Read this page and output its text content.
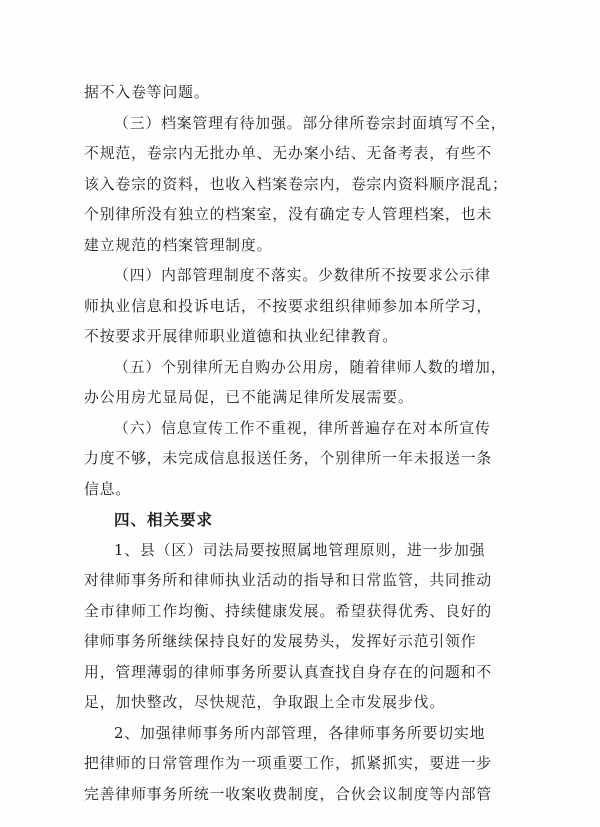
据不入卷等问题。
（三）档案管理有待加强。部分律所卷宗封面填写不全，
不规范，卷宗内无批办单、无办案小结、无备考表，有些不
该入卷宗的资料，也收入档案卷宗内，卷宗内资料顺序混乱；
个别律所没有独立的档案室，没有确定专人管理档案，也未
建立规范的档案管理制度。
（四）内部管理制度不落实。少数律所不按要求公示律
师执业信息和投诉电话，不按要求组织律师参加本所学习，
不按要求开展律师职业道德和执业纪律教育。
（五）个别律所无自购办公用房，随着律师人数的增加，
办公用房尤显局促，已不能满足律所发展需要。
（六）信息宣传工作不重视，律所普遍存在对本所宣传
力度不够，未完成信息报送任务，个别律所一年未报送一条
信息。
四、相关要求
1、县（区）司法局要按照属地管理原则，进一步加强
对律师事务所和律师执业活动的指导和日常监管，共同推动
全市律师工作均衡、持续健康发展。希望获得优秀、良好的
律师事务所继续保持良好的发展势头，发挥好示范引领作
用，管理薄弱的律师事务所要认真查找自身存在的问题和不
足，加快整改，尽快规范，争取跟上全市发展步伐。
2、加强律师事务所内部管理，各律师事务所要切实地
把律师的日常管理作为一项重要工作，抓紧抓实，要进一步
完善律师事务所统一收案收费制度，合伙会议制度等内部管
